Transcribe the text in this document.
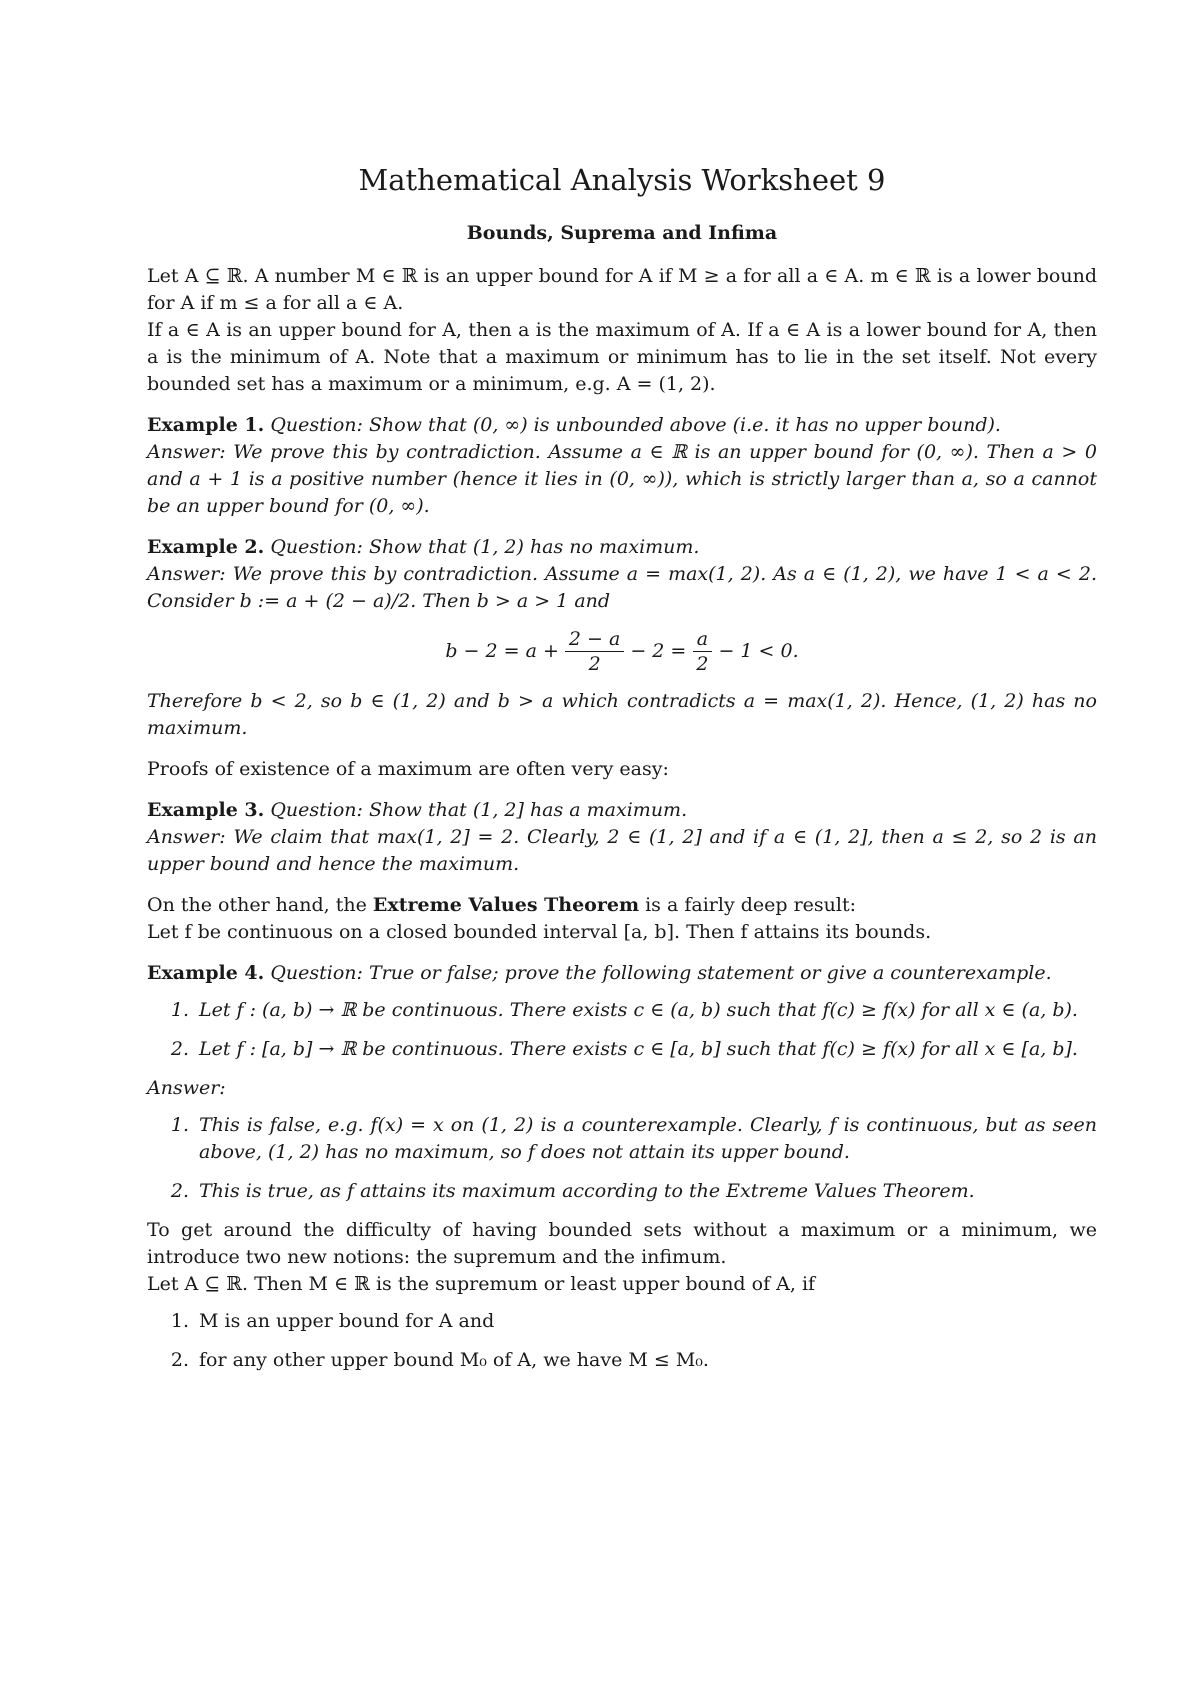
Mathematical Analysis Worksheet 9
Bounds, Suprema and Infima

Let A ⊆ ℝ. A number M ∈ ℝ is an upper bound for A if M ≥ a for all a ∈ A. m ∈ ℝ is a lower bound for A if m ≤ a for all a ∈ A.

If a ∈ A is an upper bound for A, then a is the maximum of A. If a ∈ A is a lower bound for A, then a is the minimum of A. Note that a maximum or minimum has to lie in the set itself. Not every bounded set has a maximum or a minimum, e.g. A = (1, 2).

Example 1. Question: Show that (0, ∞) is unbounded above (i.e. it has no upper bound).

Answer: We prove this by contradiction. Assume a ∈ ℝ is an upper bound for (0, ∞). Then a > 0 and a + 1 is a positive number (hence it lies in (0, ∞)), which is strictly larger than a, so a cannot be an upper bound for (0, ∞).

Example 2. Question: Show that (1, 2) has no maximum.

Answer: We prove this by contradiction. Assume a = max(1, 2). As a ∈ (1, 2), we have 1 < a < 2. Consider b := a + (2 − a)/2. Then b > a > 1 and

$b - 2 = a + \frac{2 - a}{2} - 2 = \frac{a}{2} - 1 < 0$.

Therefore b < 2, so b ∈ (1, 2) and b > a which contradicts a = max(1, 2). Hence, (1, 2) has no maximum.

Proofs of existence of a maximum are often very easy:

Example 3. Question: Show that (1, 2] has a maximum.

Answer: We claim that max(1, 2] = 2. Clearly, 2 ∈ (1, 2] and if a ∈ (1, 2], then a ≤ 2, so 2 is an upper bound and hence the maximum.

On the other hand, the Extreme Values Theorem is a fairly deep result:

Let f be continuous on a closed bounded interval [a, b]. Then f attains its bounds.

Example 4. Question: True or false; prove the following statement or give a counterexample.

1. Let f : (a, b) → ℝ be continuous. There exists c ∈ (a, b) such that f(c) ≥ f(x) for all x ∈ (a, b).
2. Let f : [a, b] → ℝ be continuous. There exists c ∈ [a, b] such that f(c) ≥ f(x) for all x ∈ [a, b].

Answer:

1. This is false, e.g. f(x) = x on (1, 2) is a counterexample. Clearly, f is continuous, but as seen above, (1, 2) has no maximum, so f does not attain its upper bound.
2. This is true, as f attains its maximum according to the Extreme Values Theorem.

To get around the difficulty of having bounded sets without a maximum or a minimum, we introduce two new notions: the supremum and the infimum.

Let A ⊆ ℝ. Then M ∈ ℝ is the supremum or least upper bound of A, if

1. M is an upper bound for A and
2. for any other upper bound M₀ of A, we have M ≤ M₀.
